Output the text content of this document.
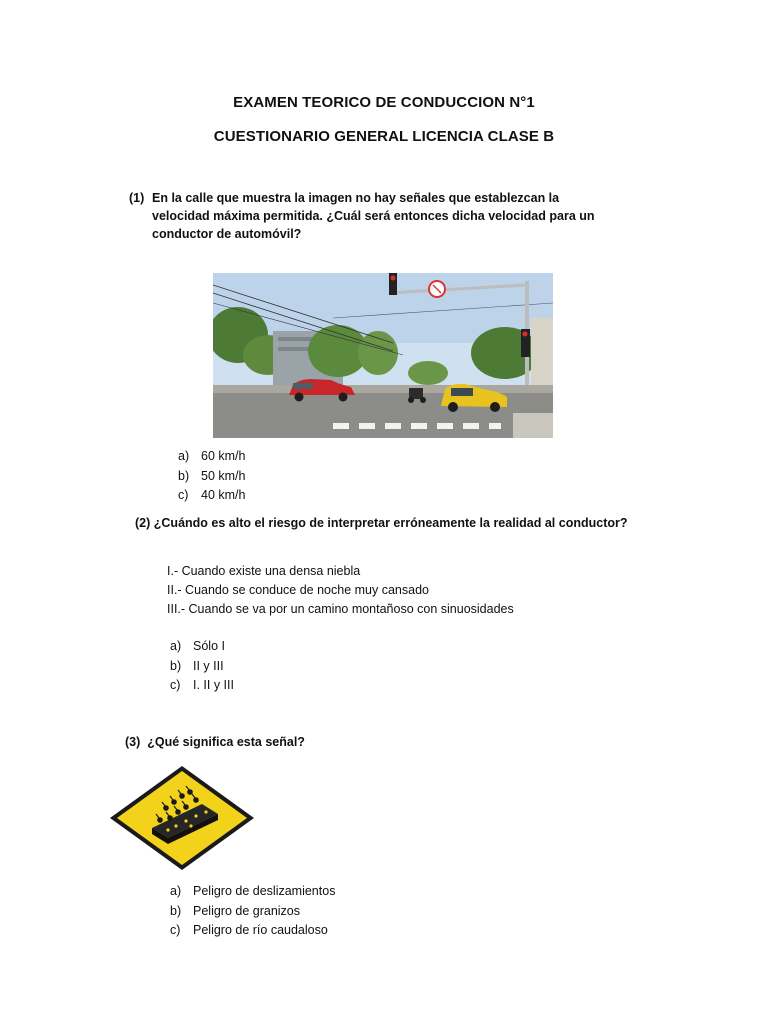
EXAMEN TEORICO DE CONDUCCION N°1
CUESTIONARIO GENERAL LICENCIA CLASE B
(1) En la calle que muestra la imagen no hay señales que establezcan la velocidad máxima permitida. ¿Cuál será entonces dicha velocidad para un conductor de automóvil?
a) 60 km/h
b) 50 km/h
c)	40 km/h
(2) ¿Cuándo es alto el riesgo de interpretar erróneamente la realidad al conductor?
I.- Cuando existe una densa niebla
II.- Cuando se conduce de noche muy cansado
III.- Cuando se va por un camino montañoso con sinuosidades
a) Sólo I
b) II y III
c)	I. II y III
(3) ¿Qué significa esta señal?
a) Peligro de deslizamientos
b) Peligro de granizos
c)	Peligro de río caudaloso
